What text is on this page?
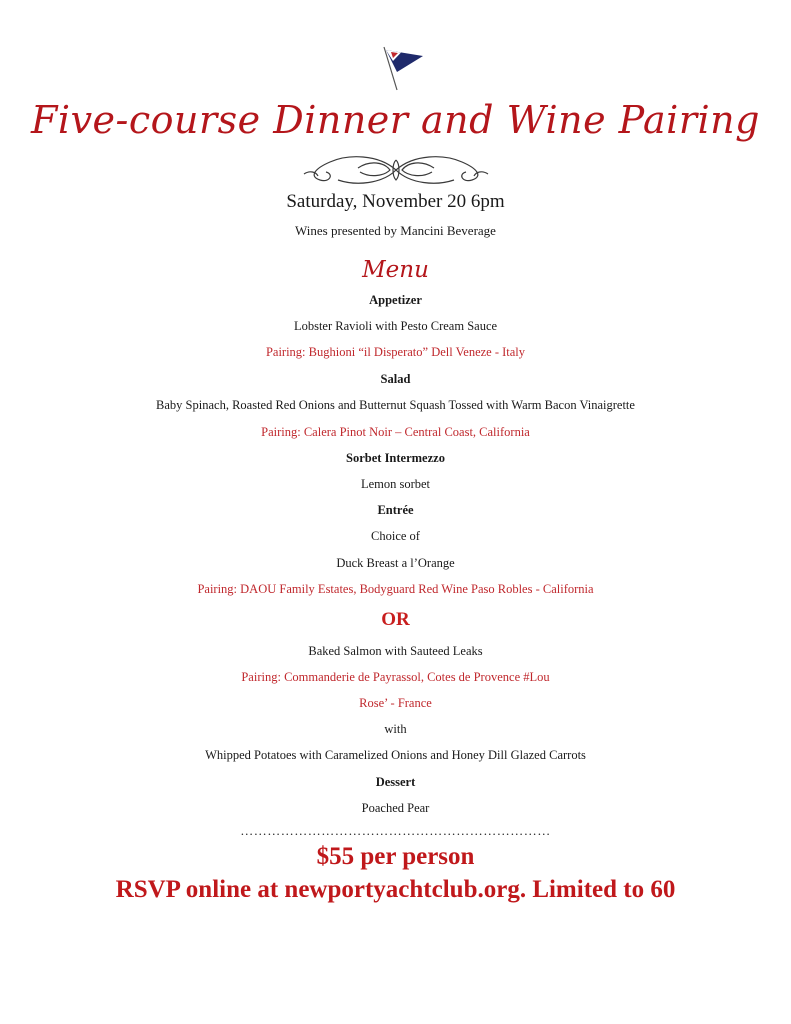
Five-course Dinner and Wine Pairing
Saturday, November 20 6pm
Wines presented by Mancini Beverage
Menu
Appetizer
Lobster Ravioli with Pesto Cream Sauce
Pairing: Bughioni “il Disperato” Dell Veneze - Italy
Salad
Baby Spinach, Roasted Red Onions and Butternut Squash Tossed with Warm Bacon Vinaigrette
Pairing: Calera Pinot Noir – Central Coast, California
Sorbet Intermezzo
Lemon sorbet
Entrée
Choice of
Duck Breast a l’Orange
Pairing: DAOU Family Estates, Bodyguard Red Wine Paso Robles - California
OR
Baked Salmon with Sauteed Leaks
Pairing: Commanderie de Payrassol, Cotes de Provence #Lou
Rose’ - France
with
Whipped Potatoes with Caramelized Onions and Honey Dill Glazed Carrots
Dessert
Poached Pear
……………………………………………………………
$55 per person
RSVP online at newportyachtclub.org. Limited to 60
